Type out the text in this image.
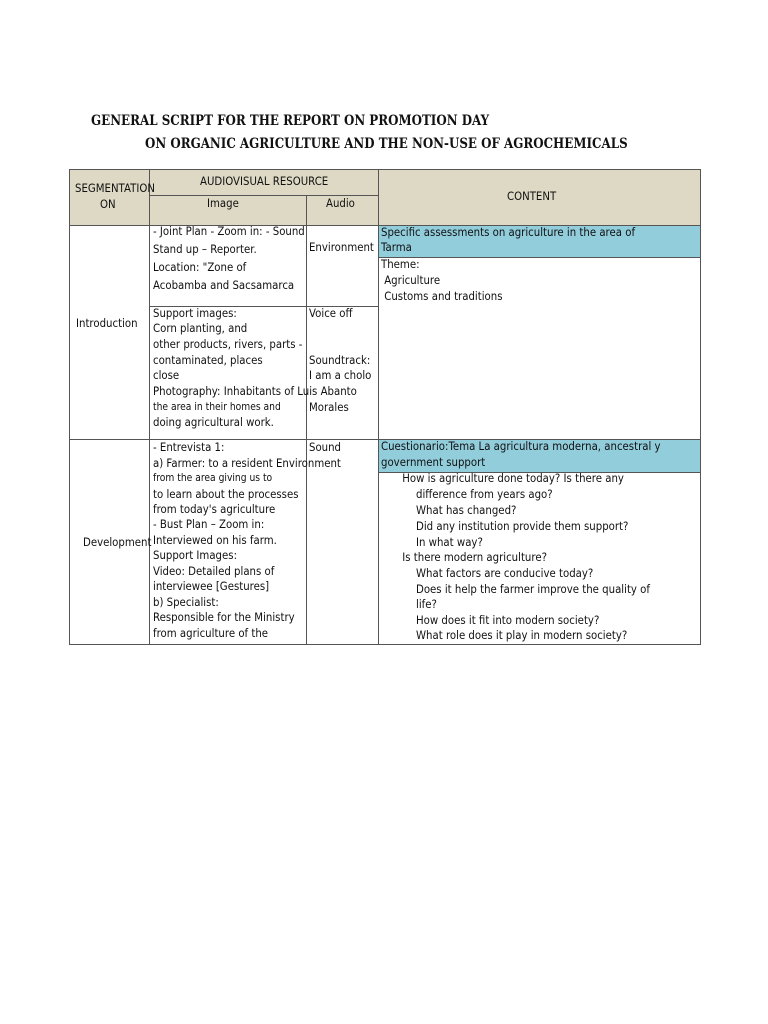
GENERAL SCRIPT FOR THE REPORT ON PROMOTION DAY
ON ORGANIC AGRICULTURE AND THE NON-USE OF AGROCHEMICALS
SEGMENTATION
ON
AUDIOVISUAL RESOURCE
Image	Audio
CONTENT
Introduction
- Joint Plan - Zoom in: - Sound
Stand up – Reporter.
Location: "Zone of
Acobamba and Sacsamarca
Environment
Support images:
Corn planting, and
other products, rivers, parts -
contaminated, places
close
Photography: Inhabitants of Luis Abanto
the area in their homes and
doing agricultural work.
Voice off
Soundtrack:
I am a cholo
Morales
Specific assessments on agriculture in the area of
Tarma
Theme:
Agriculture
Customs and traditions
Development
- Entrevista 1:
a) Farmer: to a resident Environment
from the area giving us to
to learn about the processes
from today's agriculture
- Bust Plan – Zoom in:
Interviewed on his farm.
Support Images:
Video: Detailed plans of
interviewee [Gestures]
b) Specialist:
Responsible for the Ministry
from agriculture of the
Sound	Cuestionario:Tema La agricultura moderna, ancestral y
government support
How is agriculture done today? Is there any
difference from years ago?
What has changed?
Did any institution provide them support?
In what way?
Is there modern agriculture?
What factors are conducive today?
Does it help the farmer improve the quality of
life?
How does it fit into modern society?
What role does it play in modern society?
